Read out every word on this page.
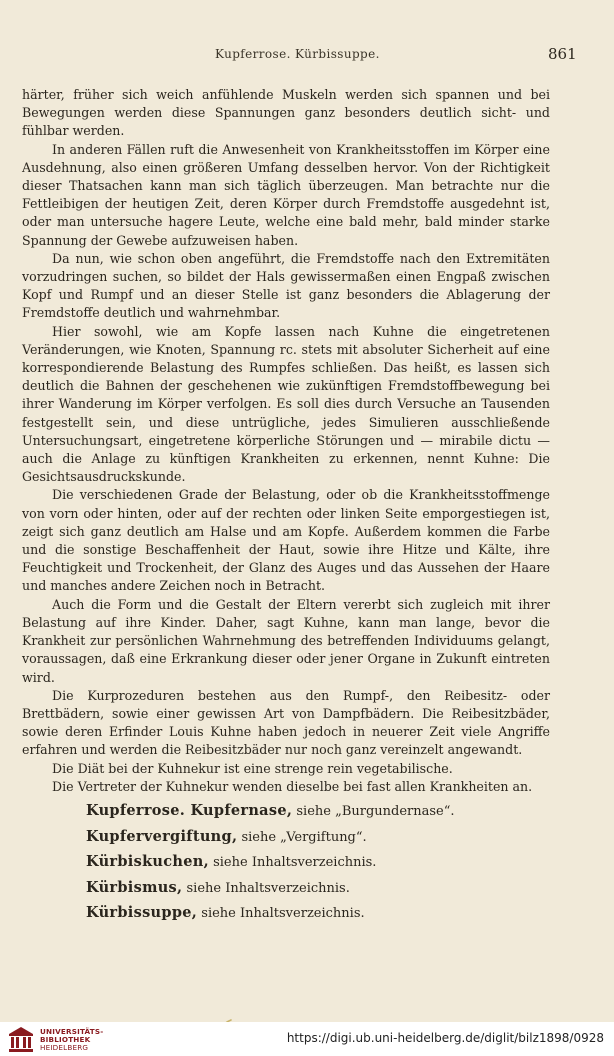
Kupferrose. Kürbissuppe.	861

härter, früher sich weich anfühlende Muskeln werden sich spannen und bei Bewegungen werden diese Spannungen ganz besonders deutlich sicht- und fühlbar werden.

In anderen Fällen ruft die Anwesenheit von Krankheitsstoffen im Körper eine Ausdehnung, also einen größeren Umfang desselben hervor. Von der Richtigkeit dieser Thatsachen kann man sich täglich überzeugen. Man betrachte nur die Fettleibigen der heutigen Zeit, deren Körper durch Fremdstoffe ausgedehnt ist, oder man untersuche hagere Leute, welche eine bald mehr, bald minder starke Spannung der Gewebe aufzuweisen haben.

Da nun, wie schon oben angeführt, die Fremdstoffe nach den Extremitäten vorzudringen suchen, so bildet der Hals gewissermaßen einen Engpaß zwischen Kopf und Rumpf und an dieser Stelle ist ganz besonders die Ablagerung der Fremdstoffe deutlich und wahrnehmbar.

Hier sowohl, wie am Kopfe lassen nach Kuhne die eingetretenen Veränderungen, wie Knoten, Spannung rc. stets mit absoluter Sicherheit auf eine korrespondierende Belastung des Rumpfes schließen. Das heißt, es lassen sich deutlich die Bahnen der geschehenen wie zukünftigen Fremdstoffbewegung bei ihrer Wanderung im Körper verfolgen. Es soll dies durch Versuche an Tausenden festgestellt sein, und diese untrügliche, jedes Simulieren ausschließende Untersuchungsart, eingetretene körperliche Störungen und — mirabile dictu — auch die Anlage zu künftigen Krankheiten zu erkennen, nennt Kuhne: Die Gesichtsausdruckskunde.

Die verschiedenen Grade der Belastung, oder ob die Krankheitsstoffmenge von vorn oder hinten, oder auf der rechten oder linken Seite emporgestiegen ist, zeigt sich ganz deutlich am Halse und am Kopfe. Außerdem kommen die Farbe und die sonstige Beschaffenheit der Haut, sowie ihre Hitze und Kälte, ihre Feuchtigkeit und Trockenheit, der Glanz des Auges und das Aussehen der Haare und manches andere Zeichen noch in Betracht.

Auch die Form und die Gestalt der Eltern vererbt sich zugleich mit ihrer Belastung auf ihre Kinder. Daher, sagt Kuhne, kann man lange, bevor die Krankheit zur persönlichen Wahrnehmung des betreffenden Individuums gelangt, voraussagen, daß eine Erkrankung dieser oder jener Organe in Zukunft eintreten wird.

Die Kurprozeduren bestehen aus den Rumpf-, den Reibesitz- oder Brettbädern, sowie einer gewissen Art von Dampfbädern. Die Reibesitzbäder, sowie deren Erfinder Louis Kuhne haben jedoch in neuerer Zeit viele Angriffe erfahren und werden die Reibesitzbäder nur noch ganz vereinzelt angewandt.

Die Diät bei der Kuhnekur ist eine strenge rein vegetabilische.

Die Vertreter der Kuhnekur wenden dieselbe bei fast allen Krankheiten an.

Kupferrose. Kupfernase, siehe „Burgundernase“.

Kupfervergiftung, siehe „Vergiftung“.

Kürbiskuchen, siehe Inhaltsverzeichnis.

Kürbismus, siehe Inhaltsverzeichnis.

Kürbissuppe, siehe Inhaltsverzeichnis.

UNIVERSITÄTS-
BIBLIOTHEK
HEIDELBERG
https://digi.ub.uni-heidelberg.de/diglit/bilz1898/0928
